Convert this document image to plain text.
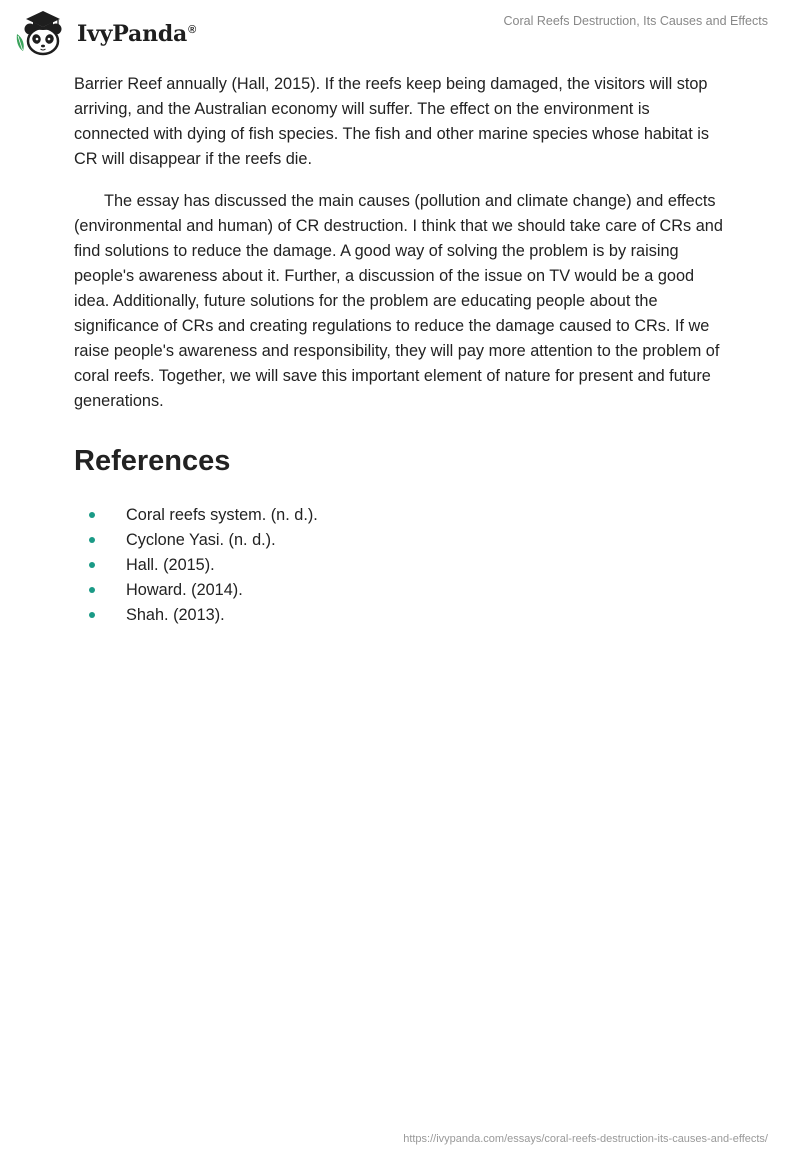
IvyPanda®
Coral Reefs Destruction, Its Causes and Effects

Barrier Reef annually (Hall, 2015). If the reefs keep being damaged, the visitors will stop arriving, and the Australian economy will suffer. The effect on the environment is connected with dying of fish species. The fish and other marine species whose habitat is CR will disappear if the reefs die.

The essay has discussed the main causes (pollution and climate change) and effects (environmental and human) of CR destruction. I think that we should take care of CRs and find solutions to reduce the damage. A good way of solving the problem is by raising people's awareness about it. Further, a discussion of the issue on TV would be a good idea. Additionally, future solutions for the problem are educating people about the significance of CRs and creating regulations to reduce the damage caused to CRs. If we raise people's awareness and responsibility, they will pay more attention to the problem of coral reefs. Together, we will save this important element of nature for present and future generations.

References
Coral reefs system. (n. d.).
Cyclone Yasi. (n. d.).
Hall. (2015).
Howard. (2014).
Shah. (2013).
https://ivypanda.com/essays/coral-reefs-destruction-its-causes-and-effects/
